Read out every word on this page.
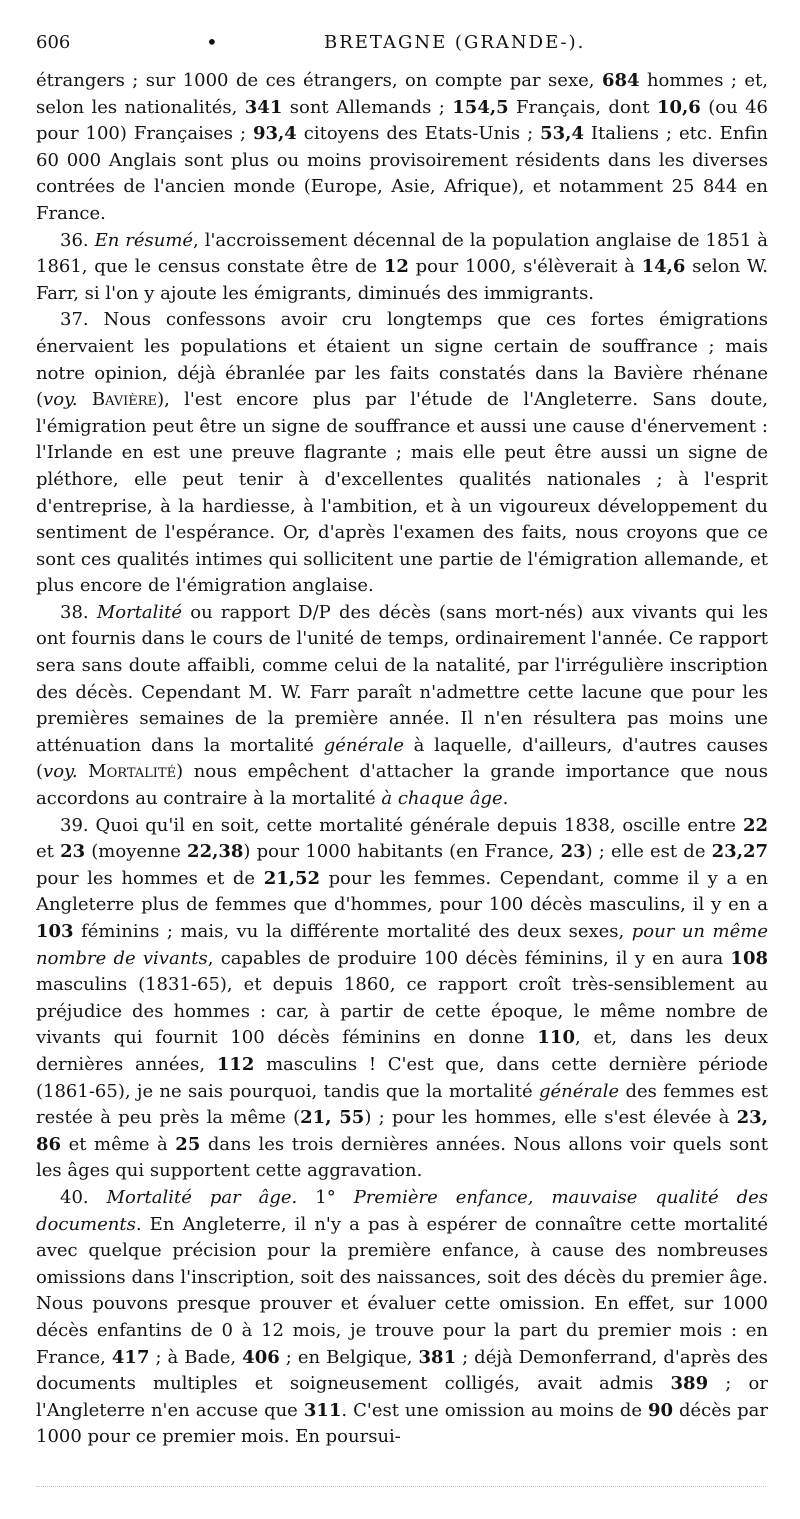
606	•	BRETAGNE (GRANDE-).

étrangers ; sur 1000 de ces étrangers, on compte par sexe, 684 hommes ; et, selon les nationalités, 341 sont Allemands ; 154,5 Français, dont 10,6 (ou 46 pour 100) Françaises ; 93,4 citoyens des Etats-Unis ; 53,4 Italiens ; etc. Enfin 60 000 Anglais sont plus ou moins provisoirement résidents dans les diverses contrées de l'ancien monde (Europe, Asie, Afrique), et notamment 25 844 en France.

36. En résumé, l'accroissement décennal de la population anglaise de 1851 à 1861, que le census constate être de 12 pour 1000, s'élèverait à 14,6 selon W. Farr, si l'on y ajoute les émigrants, diminués des immigrants.

37. Nous confessons avoir cru longtemps que ces fortes émigrations énervaient les populations et étaient un signe certain de souffrance ; mais notre opinion, déjà ébranlée par les faits constatés dans la Bavière rhénane (voy. Bavière), l'est encore plus par l'étude de l'Angleterre. Sans doute, l'émigration peut être un signe de souffrance et aussi une cause d'énervement : l'Irlande en est une preuve flagrante ; mais elle peut être aussi un signe de pléthore, elle peut tenir à d'excellentes qualités nationales ; à l'esprit d'entreprise, à la hardiesse, à l'ambition, et à un vigoureux développement du sentiment de l'espérance. Or, d'après l'examen des faits, nous croyons que ce sont ces qualités intimes qui sollicitent une partie de l'émigration allemande, et plus encore de l'émigration anglaise.

38. Mortalité ou rapport D/P des décès (sans mort-nés) aux vivants qui les ont fournis dans le cours de l'unité de temps, ordinairement l'année. Ce rapport sera sans doute affaibli, comme celui de la natalité, par l'irrégulière inscription des décès. Cependant M. W. Farr paraît n'admettre cette lacune que pour les premières semaines de la première année. Il n'en résultera pas moins une atténuation dans la mortalité générale à laquelle, d'ailleurs, d'autres causes (voy. Mortalité) nous empêchent d'attacher la grande importance que nous accordons au contraire à la mortalité à chaque âge.

39. Quoi qu'il en soit, cette mortalité générale depuis 1838, oscille entre 22 et 23 (moyenne 22,38) pour 1000 habitants (en France, 23) ; elle est de 23,27 pour les hommes et de 21,52 pour les femmes. Cependant, comme il y a en Angleterre plus de femmes que d'hommes, pour 100 décès masculins, il y en a 103 féminins ; mais, vu la différente mortalité des deux sexes, pour un même nombre de vivants, capables de produire 100 décès féminins, il y en aura 108 masculins (1831-65), et depuis 1860, ce rapport croît très-sensiblement au préjudice des hommes : car, à partir de cette époque, le même nombre de vivants qui fournit 100 décès féminins en donne 110, et, dans les deux dernières années, 112 masculins ! C'est que, dans cette dernière période (1861-65), je ne sais pourquoi, tandis que la mortalité générale des femmes est restée à peu près la même (21, 55) ; pour les hommes, elle s'est élevée à 23, 86 et même à 25 dans les trois dernières années. Nous allons voir quels sont les âges qui supportent cette aggravation.

40. Mortalité par âge. 1° Première enfance, mauvaise qualité des documents. En Angleterre, il n'y a pas à espérer de connaître cette mortalité avec quelque précision pour la première enfance, à cause des nombreuses omissions dans l'inscription, soit des naissances, soit des décès du premier âge. Nous pouvons presque prouver et évaluer cette omission. En effet, sur 1000 décès enfantins de 0 à 12 mois, je trouve pour la part du premier mois : en France, 417 ; à Bade, 406 ; en Belgique, 381 ; déjà Demonferrand, d'après des documents multiples et soigneusement colligés, avait admis 389 ; or l'Angleterre n'en accuse que 311. C'est une omission au moins de 90 décès par 1000 pour ce premier mois. En poursui-
